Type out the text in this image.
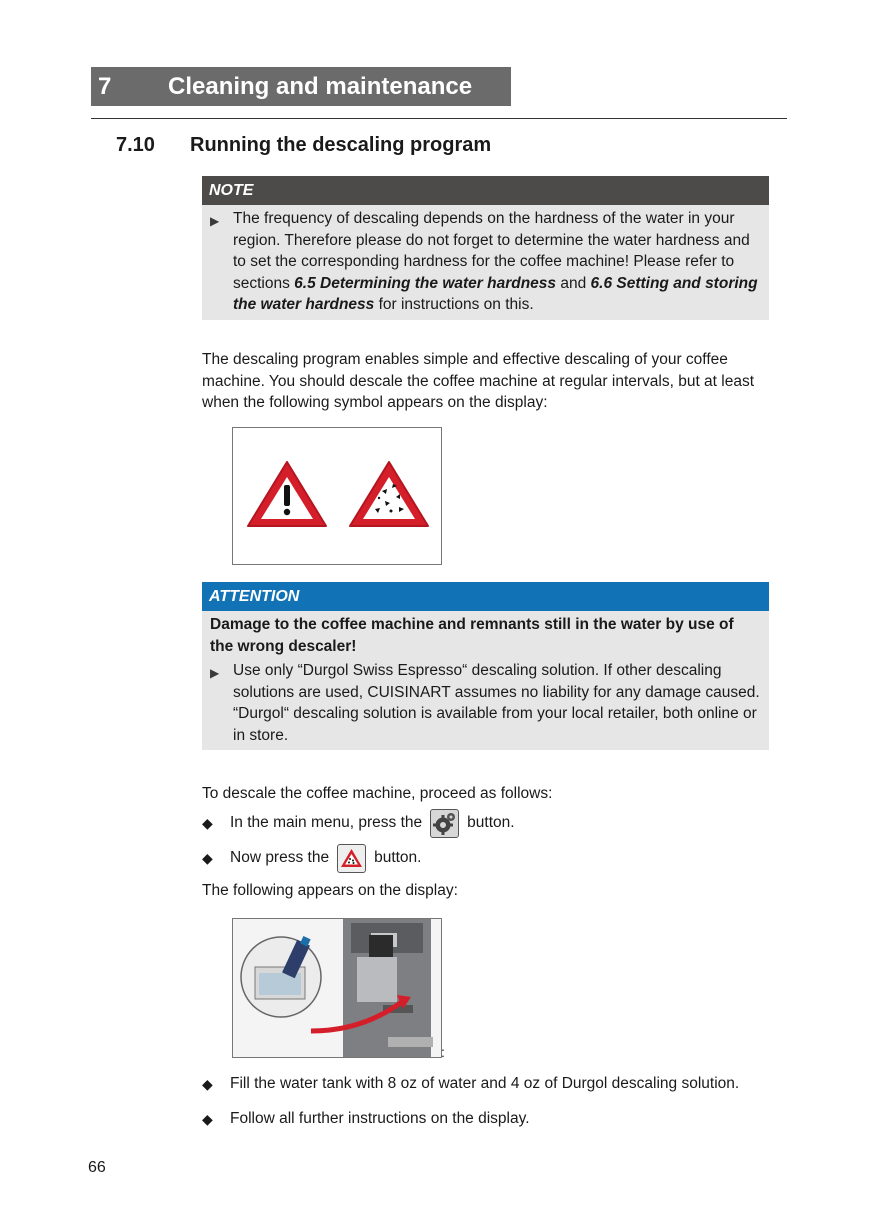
7 Cleaning and maintenance
7.10 Running the descaling program
NOTE
▶ The frequency of descaling depends on the hardness of the water in your region. Therefore please do not forget to determine the water hardness and to set the corresponding hardness for the coffee machine! Please refer to sections 6.5 Determining the water hardness and 6.6 Setting and storing the water hardness for instructions on this.
The descaling program enables simple and effective descaling of your coffee machine. You should descale the coffee machine at regular intervals, but at least when the following symbol appears on the display:
ATTENTION
Damage to the coffee machine and remnants still in the water by use of the wrong descaler!
▶ Use only “Durgol Swiss Espresso“ descaling solution. If other descaling solutions are used, CUISINART assumes no liability for any damage caused.
“Durgol“ descaling solution is available from your local retailer, both online or in store.
To descale the coffee machine, proceed as follows:
◆	In the main menu, press the	button.
◆	Now press the	button.
The following appears on the display:
:
◆	Fill the water tank with 8 oz of water and 4 oz of Durgol descaling solution.
◆	Follow all further instructions on the display.
66
